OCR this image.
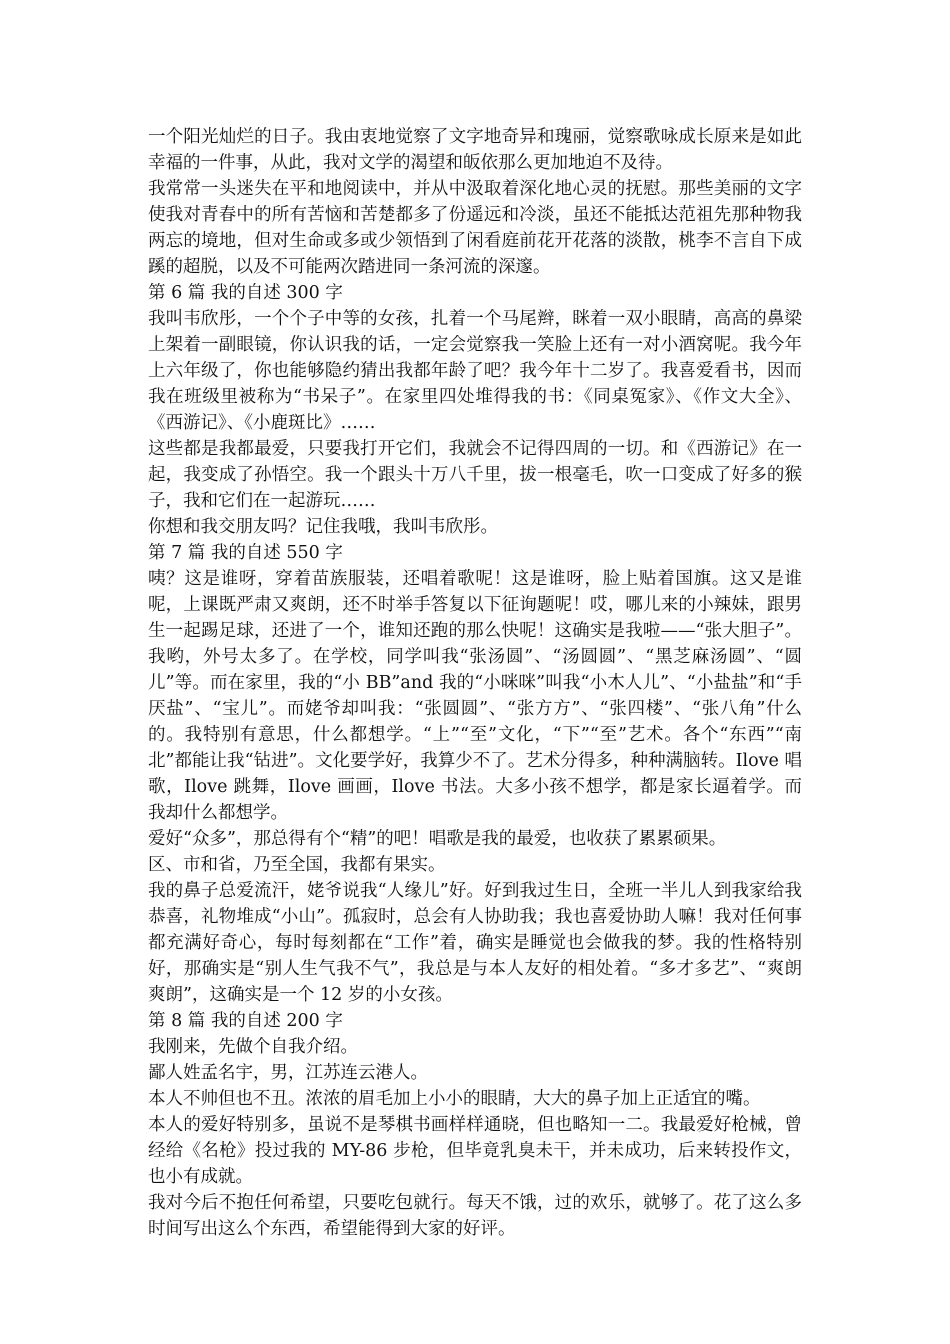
一个阳光灿烂的日子。我由衷地觉察了文字地奇异和瑰丽，觉察歌咏成长原来是如此幸福的一件事，从此，我对文学的渴望和皈依那么更加地迫不及待。

我常常一头迷失在平和地阅读中，并从中汲取着深化地心灵的抚慰。那些美丽的文字使我对青春中的所有苦恼和苦楚都多了份遥远和冷淡，虽还不能抵达范祖先那种物我两忘的境地，但对生命或多或少领悟到了闲看庭前花开花落的淡散，桃李不言自下成蹊的超脱，以及不可能两次踏进同一条河流的深邃。

第 6 篇 我的自述 300 字

我叫韦欣彤，一个个子中等的女孩，扎着一个马尾辫，眯着一双小眼睛，高高的鼻梁上架着一副眼镜，你认识我的话，一定会觉察我一笑脸上还有一对小酒窝呢。我今年上六年级了，你也能够隐约猜出我都年龄了吧？我今年十二岁了。我喜爱看书，因而我在班级里被称为“书呆子”。在家里四处堆得我的书：《同桌冤家》、《作文大全》、《西游记》、《小鹿斑比》……

这些都是我都最爱，只要我打开它们，我就会不记得四周的一切。和《西游记》在一起，我变成了孙悟空。我一个跟头十万八千里，拔一根毫毛，吹一口变成了好多的猴子，我和它们在一起游玩……

你想和我交朋友吗？记住我哦，我叫韦欣彤。

第 7 篇 我的自述 550 字

咦？这是谁呀，穿着苗族服装，还唱着歌呢！这是谁呀，脸上贴着国旗。这又是谁呢，上课既严肃又爽朗，还不时举手答复以下征询题呢！哎，哪儿来的小辣妹，跟男生一起踢足球，还进了一个，谁知还跑的那么快呢！这确实是我啦——“张大胆子”。我哟，外号太多了。在学校，同学叫我“张汤圆”、“汤圆圆”、“黑芝麻汤圆”、“圆儿”等。而在家里，我的“小 BB”and 我的“小咪咪”叫我“小木人儿”、“小盐盐”和“手厌盐”、“宝儿”。而姥爷却叫我：“张圆圆”、“张方方”、“张四楼”、“张八角”什么的。我特别有意思，什么都想学。“上”“至”文化，“下”“至”艺术。各个“东西”“南北”都能让我“钻进”。文化要学好，我算少不了。艺术分得多，种种满脑转。Ilove 唱歌，Ilove 跳舞，Ilove 画画，Ilove 书法。大多小孩不想学，都是家长逼着学。而我却什么都想学。

爱好“众多”，那总得有个“精”的吧！唱歌是我的最爱，也收获了累累硕果。

区、市和省，乃至全国，我都有果实。

我的鼻子总爱流汗，姥爷说我“人缘儿”好。好到我过生日，全班一半儿人到我家给我恭喜，礼物堆成“小山”。孤寂时，总会有人协助我；我也喜爱协助人嘛！我对任何事都充满好奇心，每时每刻都在“工作”着，确实是睡觉也会做我的梦。我的性格特别好，那确实是“别人生气我不气”，我总是与本人友好的相处着。“多才多艺”、“爽朗爽朗”，这确实是一个 12 岁的小女孩。

第 8 篇 我的自述 200 字

我刚来，先做个自我介绍。

鄙人姓孟名宇，男，江苏连云港人。

本人不帅但也不丑。浓浓的眉毛加上小小的眼睛，大大的鼻子加上正适宜的嘴。

本人的爱好特别多，虽说不是琴棋书画样样通晓，但也略知一二。我最爱好枪械，曾经给《名枪》投过我的 MY-86 步枪，但毕竟乳臭未干，并未成功，后来转投作文，也小有成就。

我对今后不抱任何希望，只要吃包就行。每天不饿，过的欢乐，就够了。花了这么多时间写出这么个东西，希望能得到大家的好评。
